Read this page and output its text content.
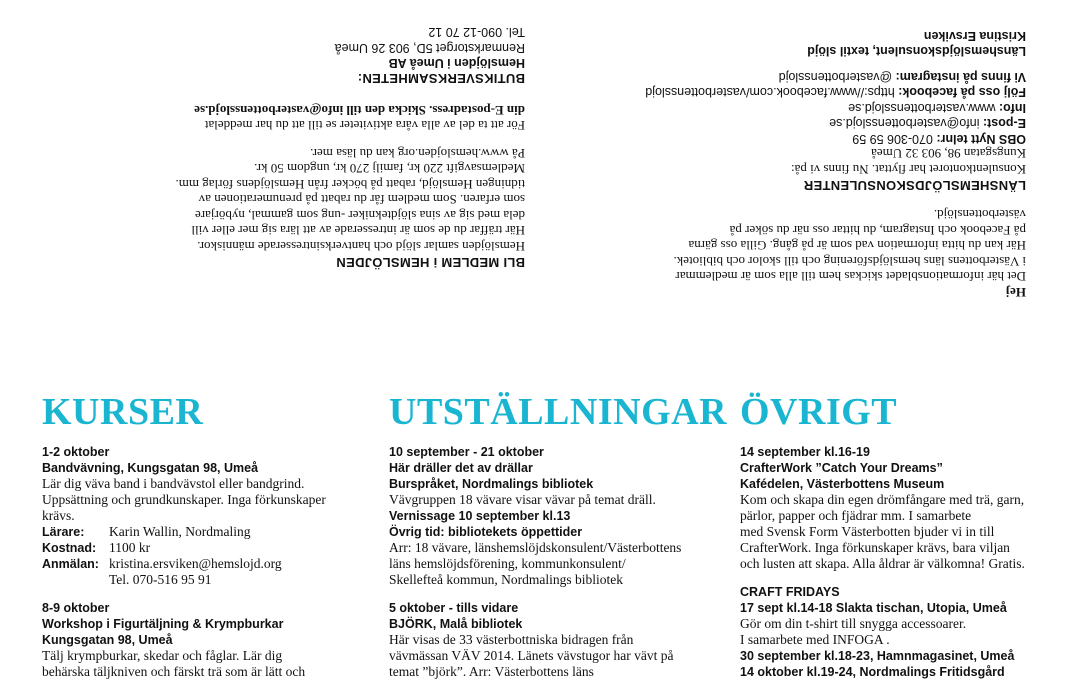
Hej

Det här informationsbladet skickas hem till alla som är medlemmar

i Västerbottens läns hemslöjdsförening och till skolor och bibliotek.

Här kan du hitta information vad som är på gång. Gilla oss gärna

på Facebook och Instagram, du hittar oss när du söker på

västerbottenslöjd.

LÄNSHEMSLÖJDSKONSULENTER

Konsulentkontoret har flyttat. Nu finns vi på:

Kungsgatan 98, 903 32 Umeå

OBS Nytt telnr: 070-306 59 59

E-post: info@vasterbottensslojd.se

Info: www.vasterbottensslojd.se

Följ oss på facebook: https://www.facebook.com/vasterbottensslojd

Vi finns på instagram: @vasterbottensslojd

Länshemslöjdskonsulent, textil slöjd

Kristina Ersviken

BLI MEDLEM i HEMSLÖJDEN

Hemslöjden samlar slöjd och hantverksintresserade människor.

Här träffar du de som är intresserade av att lära sig mer eller vill

dela med sig av sina slöjdtekniker -ung som gammal, nybörjare

som erfaren. Som medlem får du rabatt på prenumerationen av

tidningen Hemslöjd, rabatt på böcker från Hemslöjdens förlag mm.

Medlemsavgift 220 kr, familj 270 kr, ungdom 50 kr.

På www.hemslojden.org kan du läsa mer.

För att ta del av alla våra aktiviteter se till att du har meddelat

din E-postadress. Skicka den till info@vasterbottensslojd.se

BUTIKSVERKSAMHETEN:

Hemslöjden i Umeå AB

Renmarkstorget 5D, 903 26 Umeå

Tel. 090-12 70 12

KURSER

1-2 oktober

Bandvävning, Kungsgatan 98, Umeå

Lär dig väva band i bandvävstol eller bandgrind.

Uppsättning och grundkunskaper. Inga förkunskaper

krävs.

Lärare:	Karin Wallin, Nordmaling
Kostnad: 1100 kr
Anmälan: kristina.ersviken@hemslojd.org
Tel. 070-516 95 91

8-9 oktober

Workshop i Figurtäljning & Krympburkar

Kungsgatan 98, Umeå

Tälj krympburkar, skedar och fåglar. Lär dig

behärska täljkniven och färskt trä som är lätt och

UTSTÄLLNINGAR

10 september - 21 oktober

Här dräller det av drällar

Burspråket, Nordmalings bibliotek

Vävgruppen 18 vävare visar vävar på temat dräll.

Vernissage 10 september kl.13

Övrig tid: bibliotekets öppettider

Arr: 18 vävare, länshemslöjdskonsulent/Västerbottens

läns hemslöjdsförening, kommunkonsulent/

Skellefteå kommun, Nordmalings bibliotek

5 oktober - tills vidare

BJÖRK, Malå bibliotek

Här visas de 33 västerbottniska bidragen från

vävmässan VÄV 2014. Länets vävstugor har vävt på

temat ”björk”. Arr: Västerbottens läns

ÖVRIGT

14 september kl.16-19

CrafterWork ”Catch Your Dreams”

Kafédelen, Västerbottens Museum

Kom och skapa din egen drömfångare med trä, garn,

pärlor, papper och fjädrar mm. I samarbete

med Svensk Form Västerbotten bjuder vi in till

CrafterWork. Inga förkunskaper krävs, bara viljan

och lusten att skapa. Alla åldrar är välkomna! Gratis.

CRAFT FRIDAYS

17 sept kl.14-18 Slakta tischan, Utopia, Umeå

Gör om din t-shirt till snygga accessoarer.

I samarbete med INFOGA .

30 september kl.18-23, Hamnmagasinet, Umeå

14 oktober kl.19-24, Nordmalings Fritidsgård
